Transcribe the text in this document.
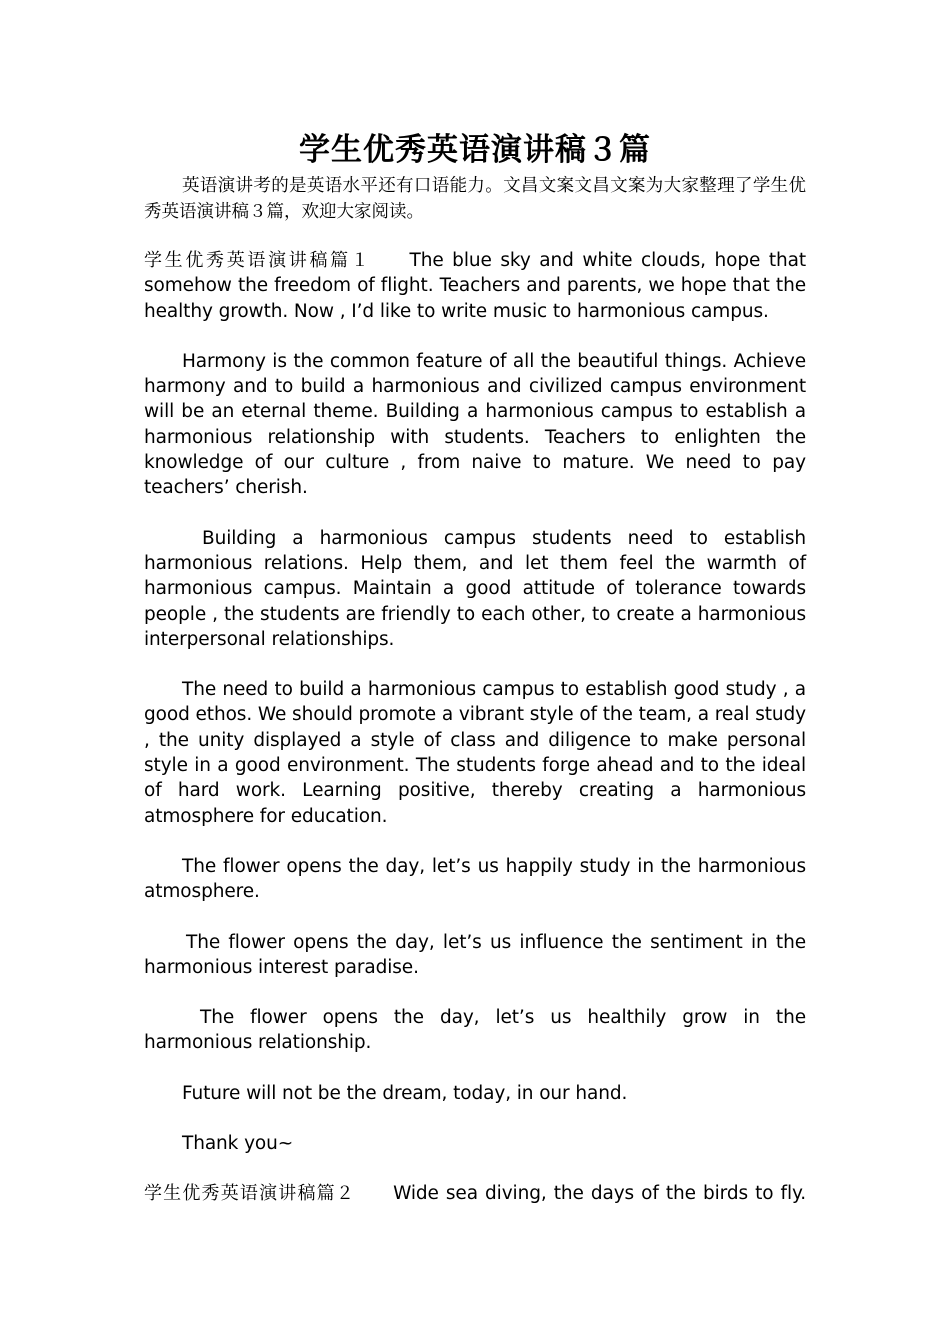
学生优秀英语演讲稿３篇

英语演讲考的是英语水平还有口语能力。文昌文案文昌文案为大家整理了学生优秀英语演讲稿３篇，欢迎大家阅读。

学生优秀英语演讲稿篇１ The blue sky and white clouds, hope that somehow the freedom of flight. Teachers and parents, we hope that the healthy growth. Now , I’d like to write music to harmonious campus.

Harmony is the common feature of all the beautiful things. Achieve harmony and to build a harmonious and civilized campus environment will be an eternal theme. Building a harmonious campus to establish a harmonious relationship with students. Teachers to enlighten the knowledge of our culture , from naive to mature. We need to pay teachers’ cherish.

Building a harmonious campus students need to establish harmonious relations. Help them, and let them feel the warmth of harmonious campus. Maintain a good attitude of tolerance towards people , the students are friendly to each other, to create a harmonious interpersonal relationships.

The need to build a harmonious campus to establish good study , a good ethos. We should promote a vibrant style of the team, a real study , the unity displayed a style of class and diligence to make personal style in a good environment. The students forge ahead and to the ideal of hard work. Learning positive, thereby creating a harmonious atmosphere for education.

The flower opens the day, let’s us happily study in the harmonious atmosphere.

The flower opens the day, let’s us influence the sentiment in the harmonious interest paradise.

The flower opens the day, let’s us healthily grow in the harmonious relationship.

Future will not be the dream, today, in our hand.

Thank you~

学生优秀英语演讲稿篇２ Wide sea diving, the days of the birds to fly.
